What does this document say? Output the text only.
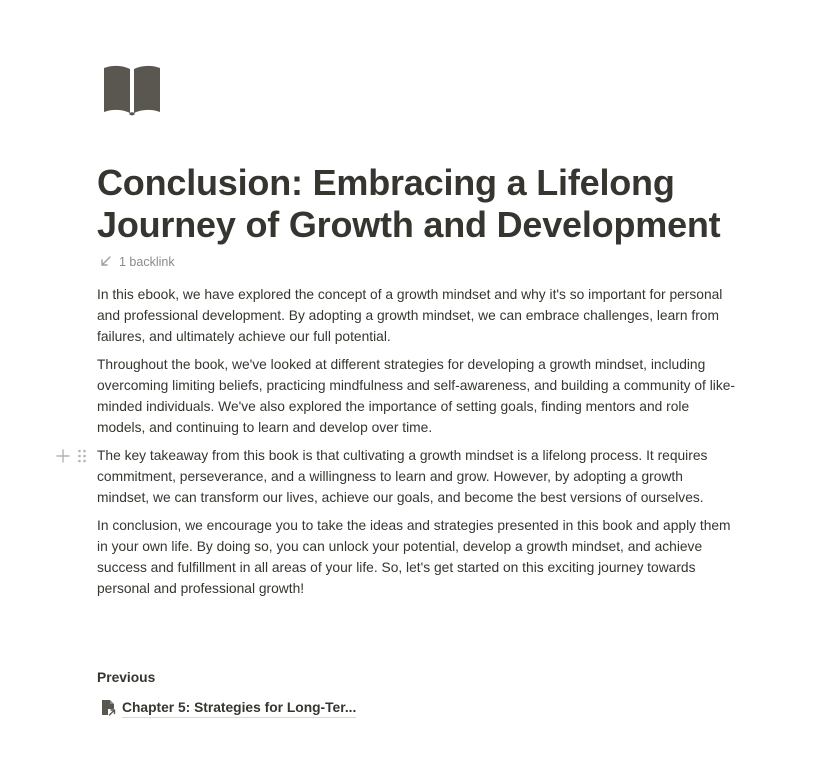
Conclusion: Embracing a Lifelong Journey of Growth and Development
1 backlink

In this ebook, we have explored the concept of a growth mindset and why it's so important for personal and professional development. By adopting a growth mindset, we can embrace challenges, learn from failures, and ultimately achieve our full potential.

Throughout the book, we've looked at different strategies for developing a growth mindset, including overcoming limiting beliefs, practicing mindfulness and self-awareness, and building a community of like-minded individuals. We've also explored the importance of setting goals, finding mentors and role models, and continuing to learn and develop over time.

The key takeaway from this book is that cultivating a growth mindset is a lifelong process. It requires commitment, perseverance, and a willingness to learn and grow. However, by adopting a growth mindset, we can transform our lives, achieve our goals, and become the best versions of ourselves.

In conclusion, we encourage you to take the ideas and strategies presented in this book and apply them in your own life. By doing so, you can unlock your potential, develop a growth mindset, and achieve success and fulfillment in all areas of your life. So, let's get started on this exciting journey towards personal and professional growth!

Previous
Chapter 5: Strategies for Long-Ter...
